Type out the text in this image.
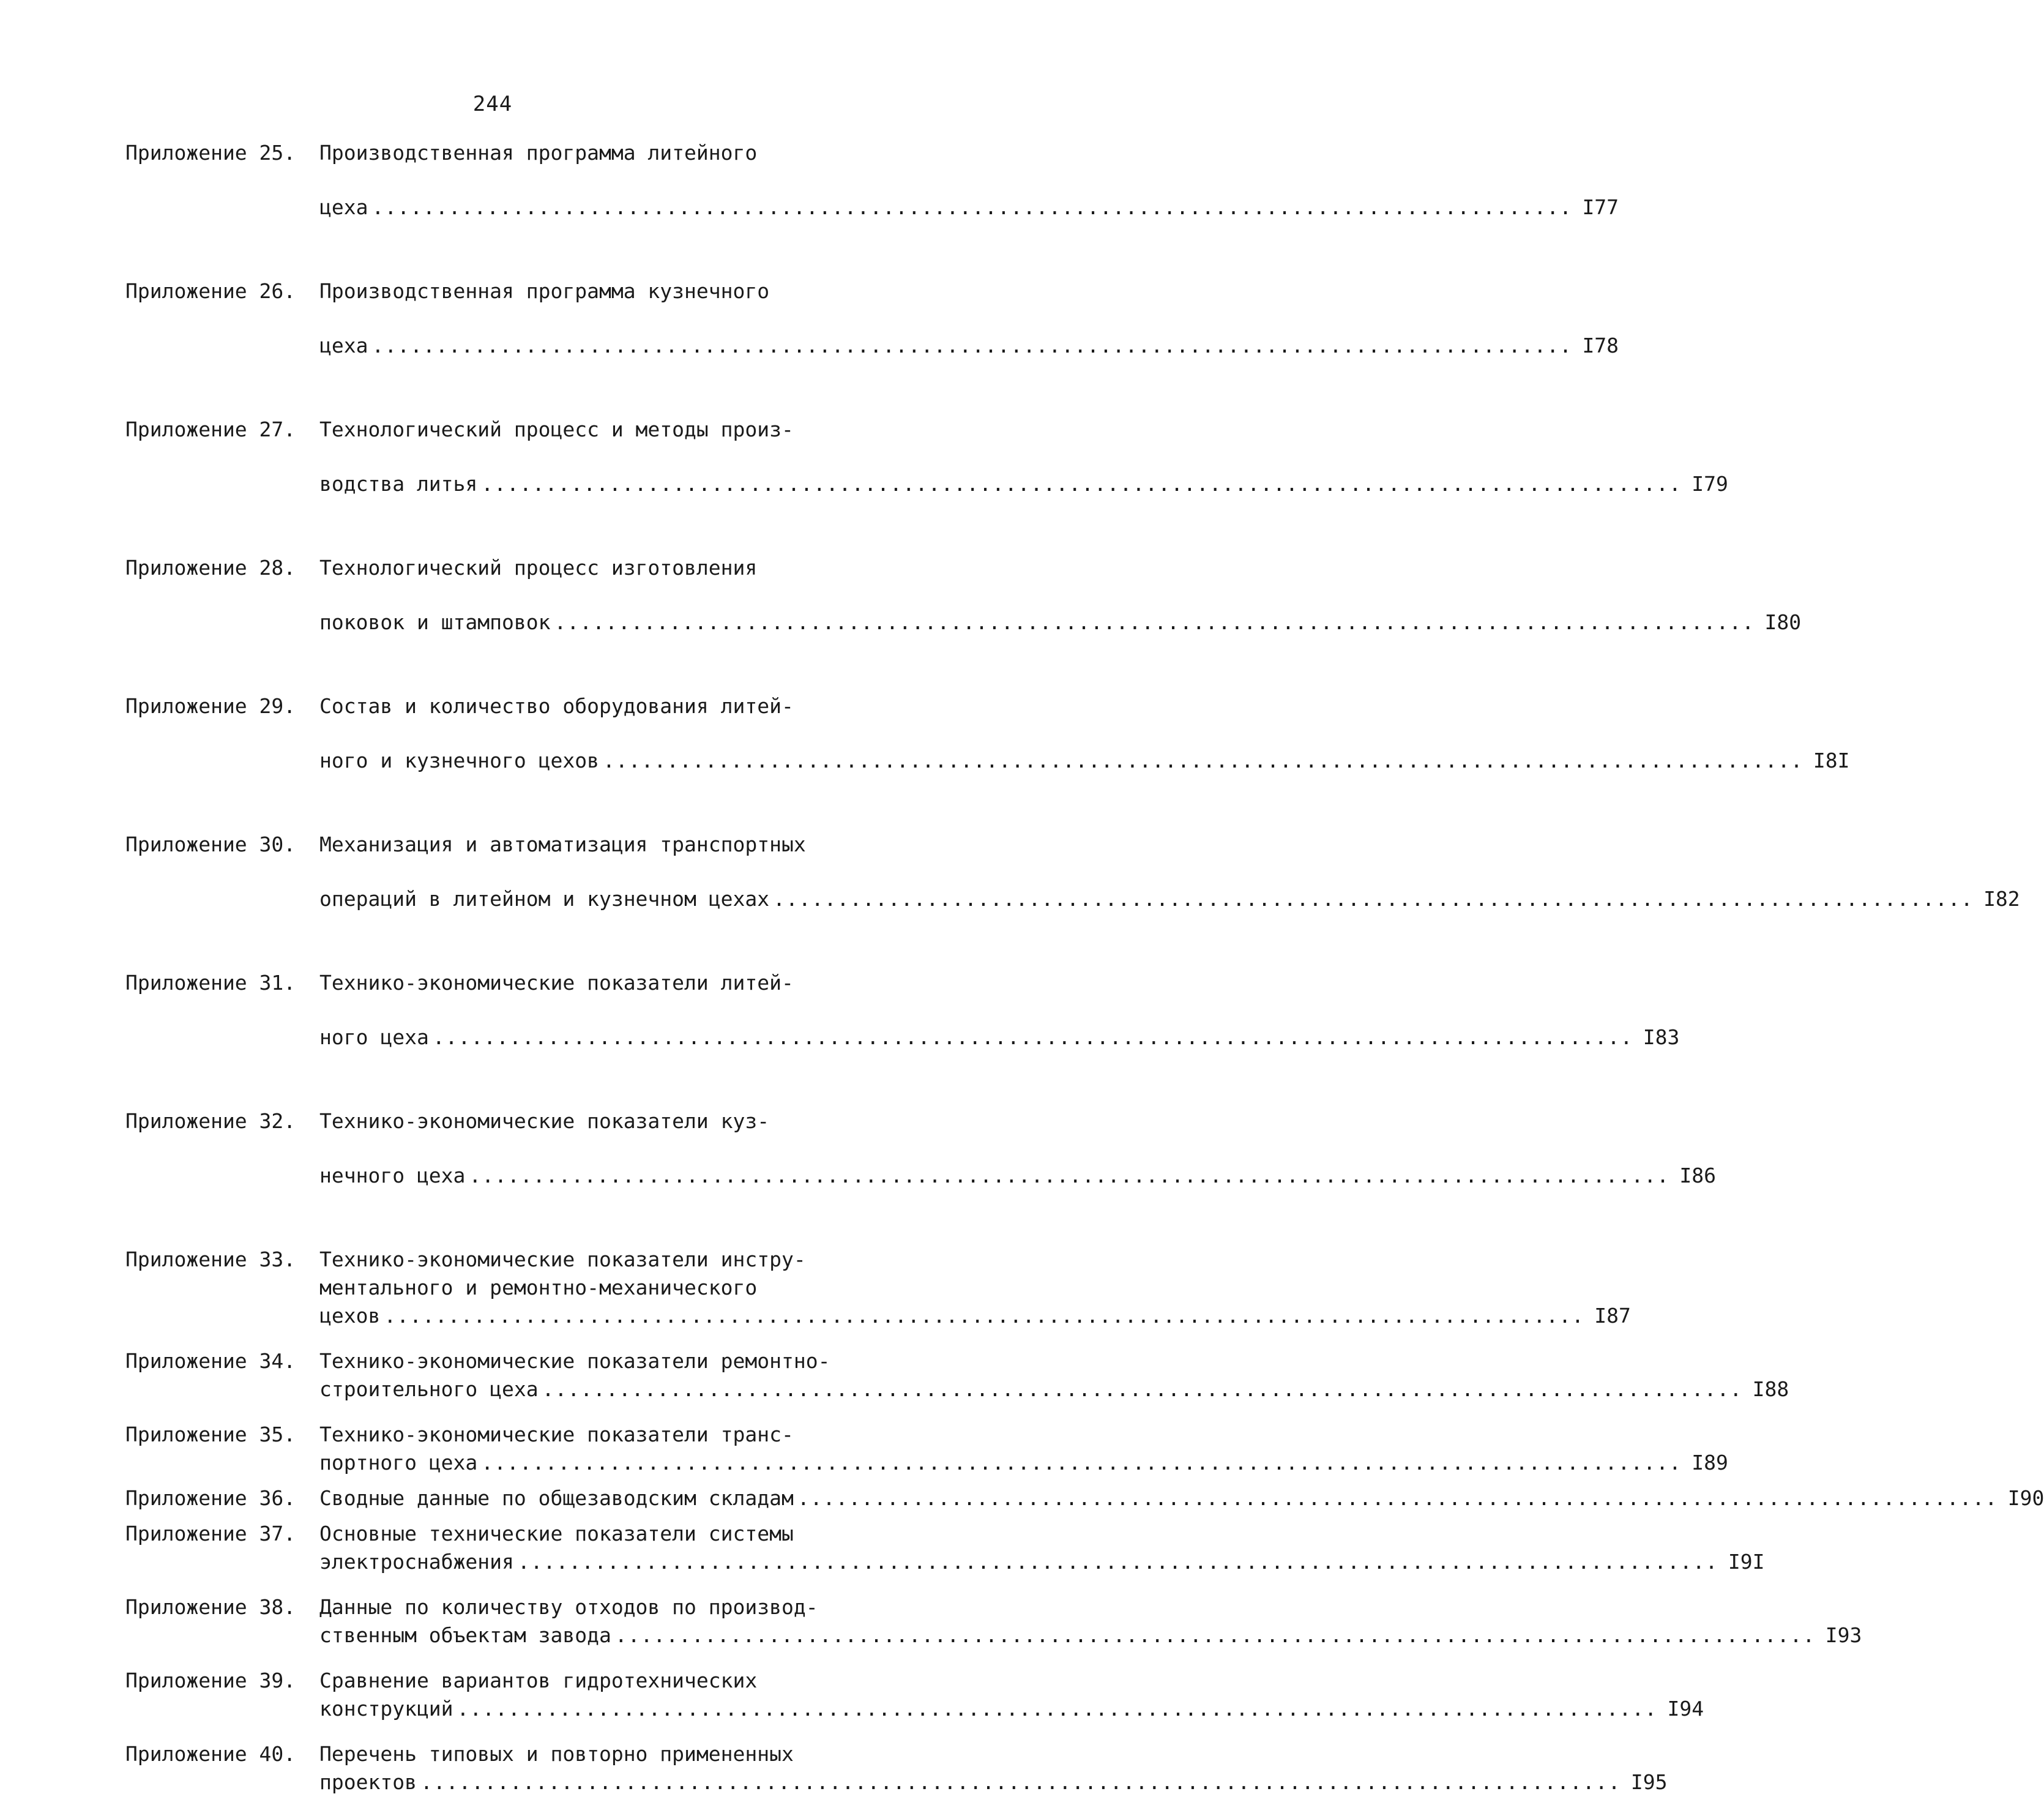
244
Приложение 25.	Производственная программа литейного
цеха .............................................................................................. I77
Приложение 26.	Производственная программа кузнечного
цеха .............................................................................................. I78
Приложение 27.	Технологический процесс и методы произ-
водства литья .............................................................................................. I79
Приложение 28.	Технологический процесс изготовления
поковок и штамповок .............................................................................................. I80
Приложение 29.	Состав и количество оборудования литей-
ного и кузнечного цехов .............................................................................................. I8I
Приложение 30.	Механизация и автоматизация транспортных
операций в литейном и кузнечном цехах .............................................................................................. I82
Приложение 31.	Технико-экономические показатели литей-
ного цеха .............................................................................................. I83
Приложение 32.	Технико-экономические показатели куз-
нечного цеха .............................................................................................. I86
Приложение 33.	Технико-экономические показатели инстру-
ментального и ремонтно-механического
цехов .............................................................................................. I87
Приложение 34.	Технико-экономические показатели ремонтно-
строительного цеха .............................................................................................. I88
Приложение 35.	Технико-экономические показатели транс-
портного цеха .............................................................................................. I89
Приложение 36.	Сводные данные по общезаводским складам .............................................................................................. I90
Приложение 37.	Основные технические показатели системы
электроснабжения .............................................................................................. I9I
Приложение 38.	Данные по количеству отходов по производ-
ственным объектам завода .............................................................................................. I93
Приложение 39.	Сравнение вариантов гидротехнических
конструкций .............................................................................................. I94
Приложение 40.	Перечень типовых и повторно примененных
проектов .............................................................................................. I95
